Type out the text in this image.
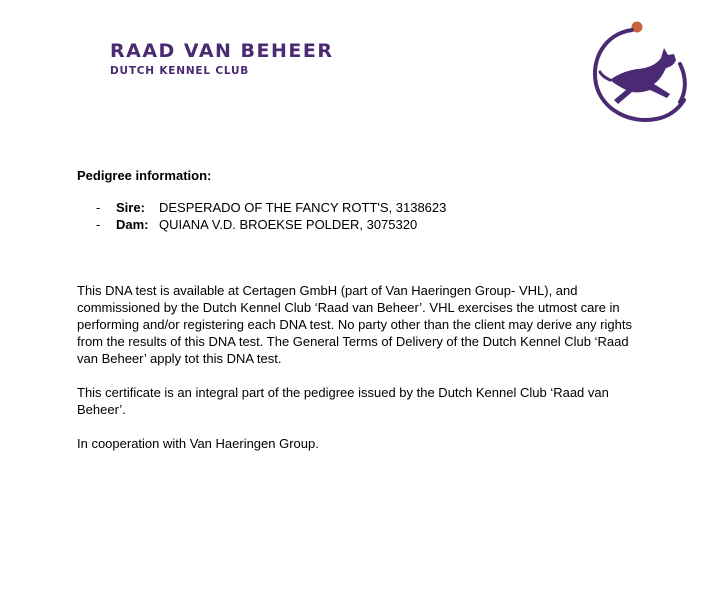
RAAD VAN BEHEER
DUTCH KENNEL CLUB

Pedigree information:

-	Sire:	DESPERADO OF THE FANCY ROTT'S, 3138623
-	Dam: QUIANA V.D. BROEKSE POLDER, 3075320

This DNA test is available at Certagen GmbH (part of Van Haeringen Group- VHL), and commissioned by the Dutch Kennel Club ‘Raad van Beheer’. VHL exercises the utmost care in performing and/or registering each DNA test. No party other than the client may derive any rights from the results of this DNA test. The General Terms of Delivery of the Dutch Kennel Club ‘Raad van Beheer’ apply tot this DNA test.

This certificate is an integral part of the pedigree issued by the Dutch Kennel Club ‘Raad van Beheer’.

In cooperation with Van Haeringen Group.
